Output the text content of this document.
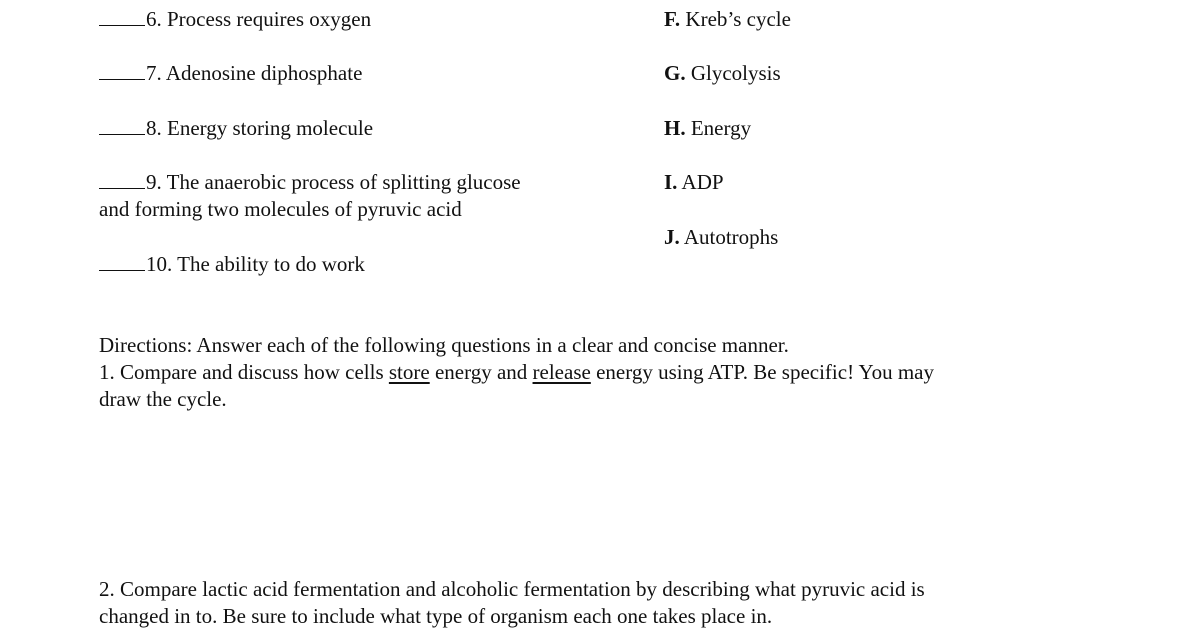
6. Process requires oxygen
7. Adenosine diphosphate
8. Energy storing molecule
9. The anaerobic process of splitting glucose
and forming two molecules of pyruvic acid
10. The ability to do work
F. Kreb’s cycle
G. Glycolysis
H. Energy
I. ADP
J. Autotrophs
Directions: Answer each of the following questions in a clear and concise manner.
1. Compare and discuss how cells store energy and release energy using ATP. Be specific! You may
draw the cycle.
2. Compare lactic acid fermentation and alcoholic fermentation by describing what pyruvic acid is
changed in to. Be sure to include what type of organism each one takes place in.
